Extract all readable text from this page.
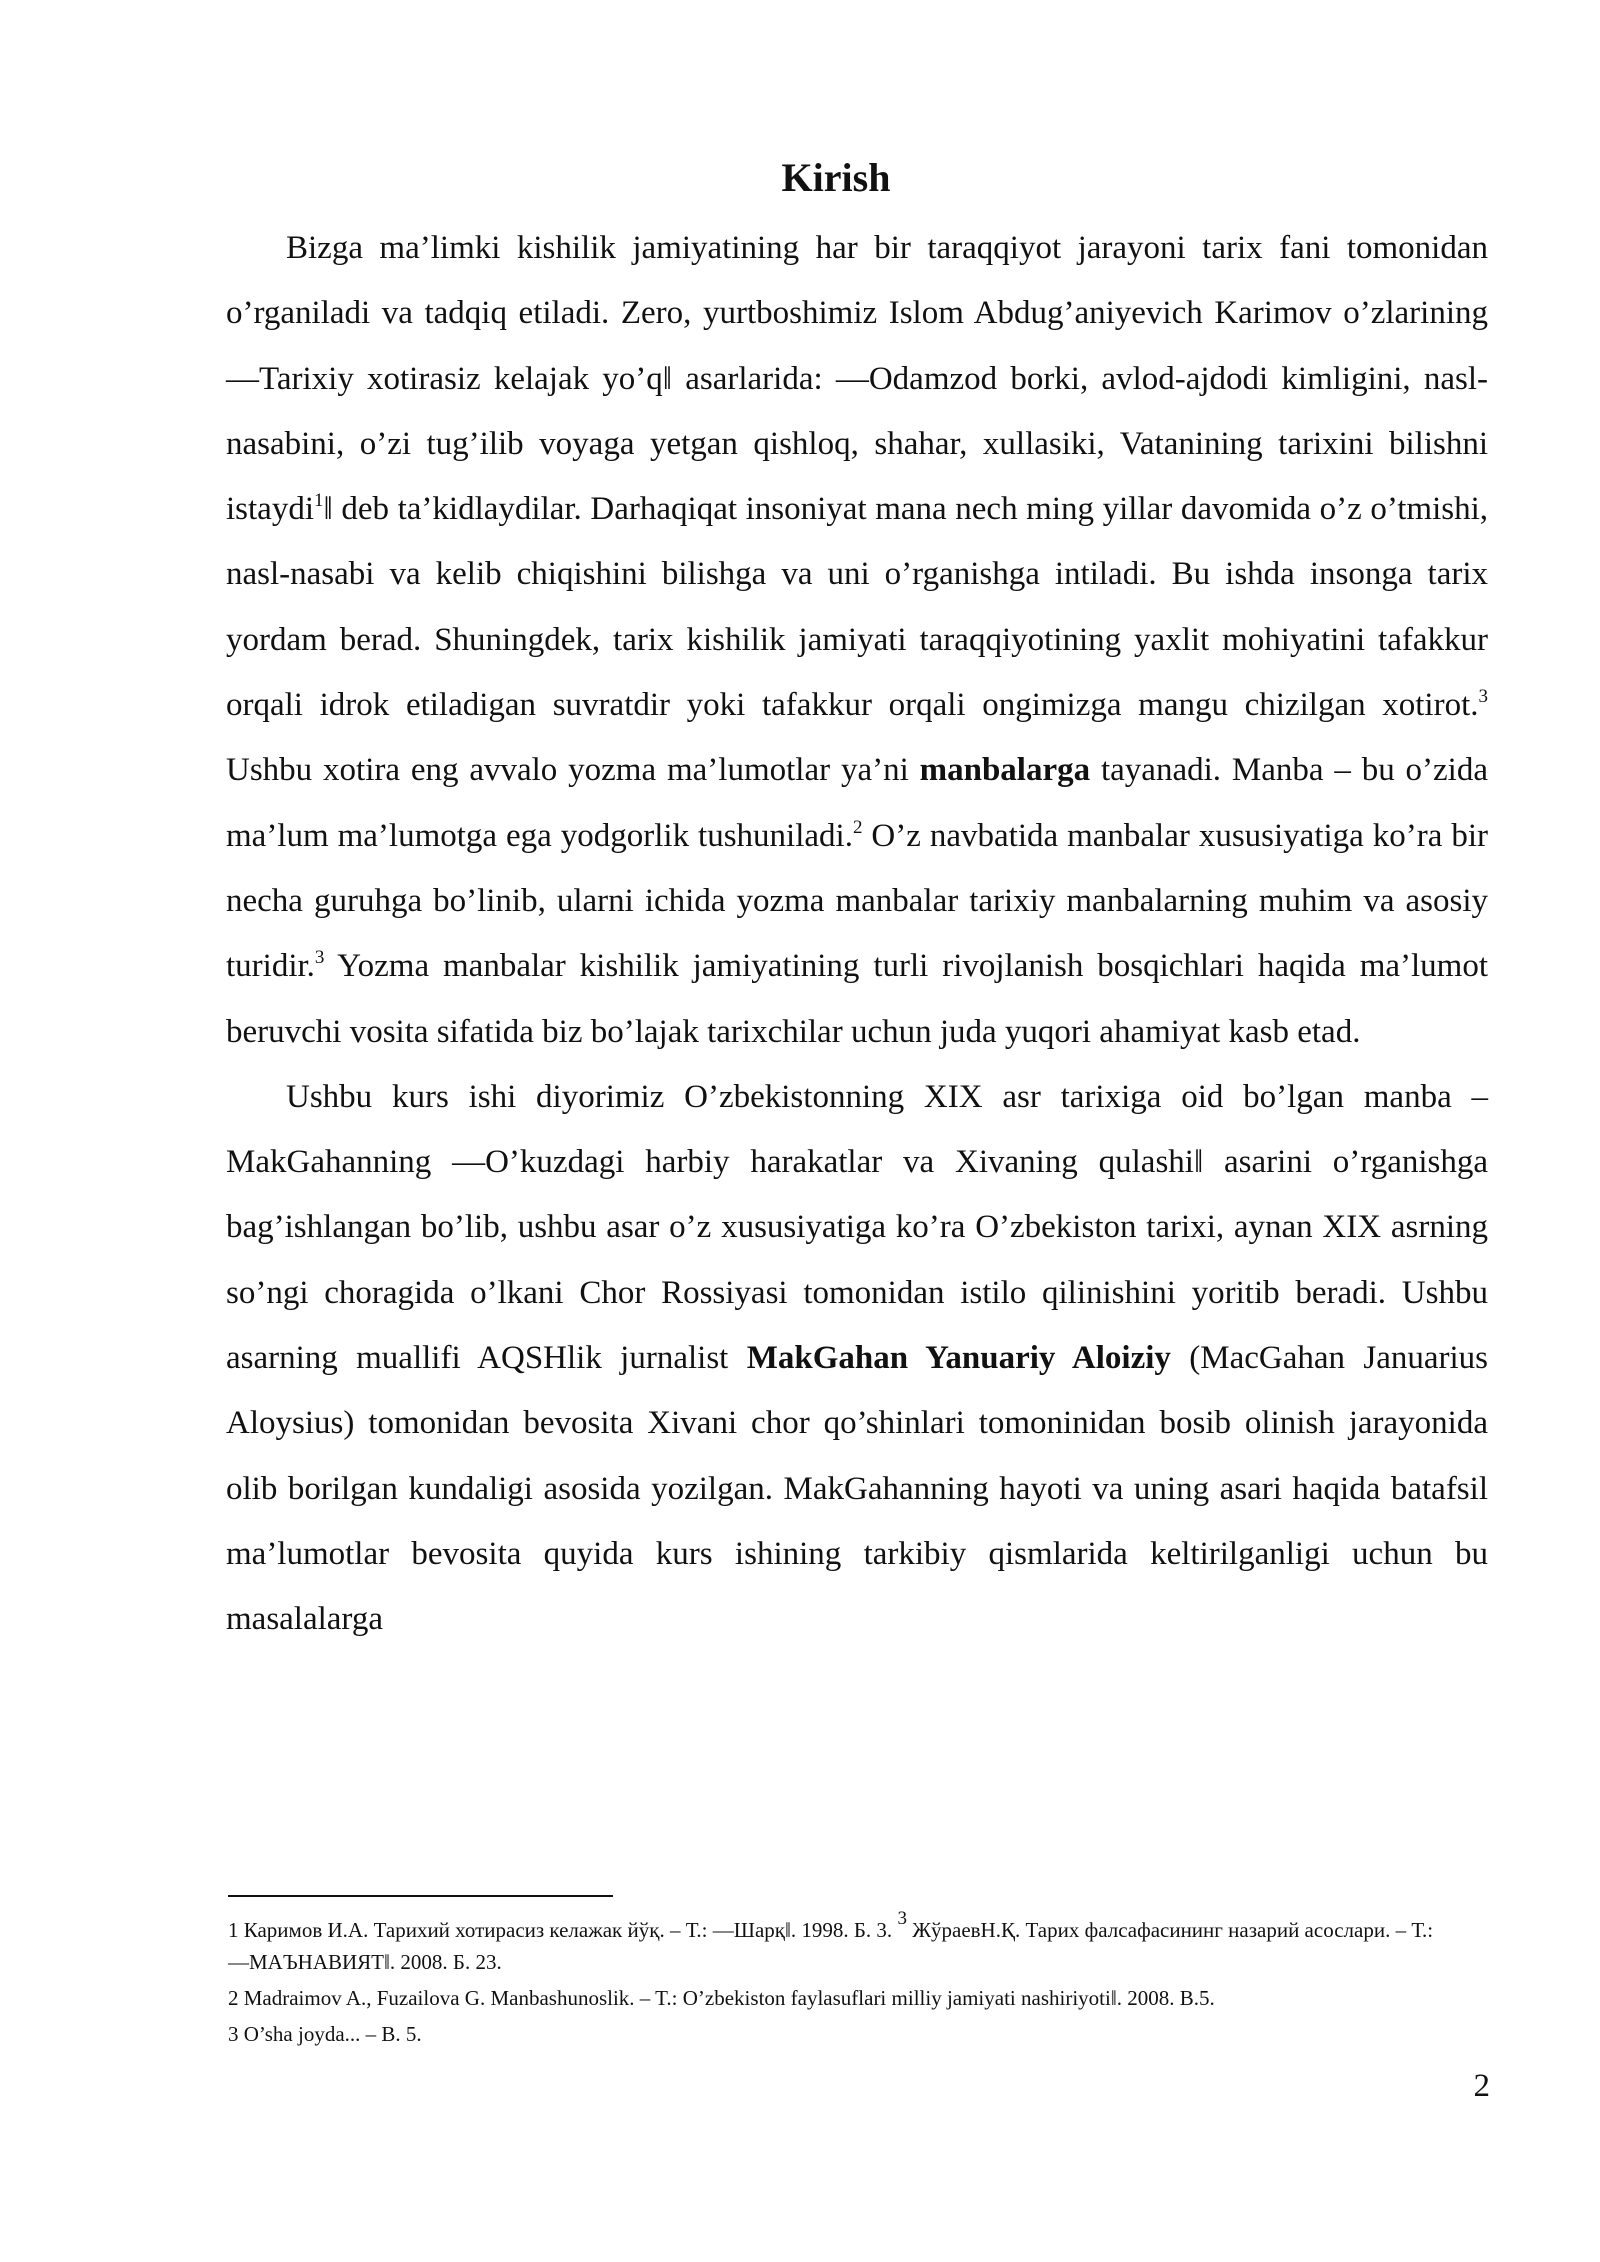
Kirish

Bizga ma’limki kishilik jamiyatining har bir taraqqiyot jarayoni tarix fani tomonidan o’rganiladi va tadqiq etiladi. Zero, yurtboshimiz Islom Abdug’aniyevich Karimov o’zlarining ―Tarixiy xotirasiz kelajak yo’q‖ asarlarida: ―Odamzod borki, avlod-ajdodi kimligini, nasl-nasabini, o’zi tug’ilib voyaga yetgan qishloq, shahar, xullasiki, Vatanining tarixini bilishni istaydi$^1$‖ deb ta’kidlaydilar. Darhaqiqat insoniyat mana nech ming yillar davomida o’z o’tmishi, nasl-nasabi va kelib chiqishini bilishga va uni o’rganishga intiladi. Bu ishda insonga tarix yordam berad. Shuningdek, tarix kishilik jamiyati taraqqiyotining yaxlit mohiyatini tafakkur orqali idrok etiladigan suvratdir yoki tafakkur orqali ongimizga mangu chizilgan xotirot.$^3$ Ushbu xotira eng avvalo yozma ma’lumotlar ya’ni manbalarga tayanadi. Manba – bu o’zida ma’lum ma’lumotga ega yodgorlik tushuniladi.$^2$ O’z navbatida manbalar xususiyatiga ko’ra bir necha guruhga bo’linib, ularni ichida yozma manbalar tarixiy manbalarning muhim va asosiy turidir.$^3$ Yozma manbalar kishilik jamiyatining turli rivojlanish bosqichlari haqida ma’lumot beruvchi vosita sifatida biz bo’lajak tarixchilar uchun juda yuqori ahamiyat kasb etad.

Ushbu kurs ishi diyorimiz O’zbekistonning XIX asr tarixiga oid bo’lgan manba – MakGahanning ―O’kuzdagi harbiy harakatlar va Xivaning qulashi‖ asarini o’rganishga bag’ishlangan bo’lib, ushbu asar o’z xususiyatiga ko’ra O’zbekiston tarixi, aynan XIX asrning so’ngi choragida o’lkani Chor Rossiyasi tomonidan istilo qilinishini yoritib beradi. Ushbu asarning muallifi AQSHlik jurnalist MakGahan Yanuariy Aloiziy (MacGahan Januarius Aloysius) tomonidan bevosita Xivani chor qo’shinlari tomoninidan bosib olinish jarayonida olib borilgan kundaligi asosida yozilgan. MakGahanning hayoti va uning asari haqida batafsil ma’lumotlar bevosita quyida kurs ishining tarkibiy qismlarida keltirilganligi uchun bu masalalarga

1 Каримов И.А. Тарихий хотирасиз келажак йўқ. – Т.: ―Шарқ‖. 1998. Б. 3. $^3$ ЖўраевН.Қ. Тарих фалсафасининг назарий асослари. – Т.: ―МАЪНАВИЯТ‖. 2008. Б. 23.
2 Madraimov A., Fuzailova G. Manbashunoslik. – T.: O’zbekiston faylasuflari milliy jamiyati nashiriyoti‖. 2008. B.5.
3 O’sha joyda... – B. 5.
2
